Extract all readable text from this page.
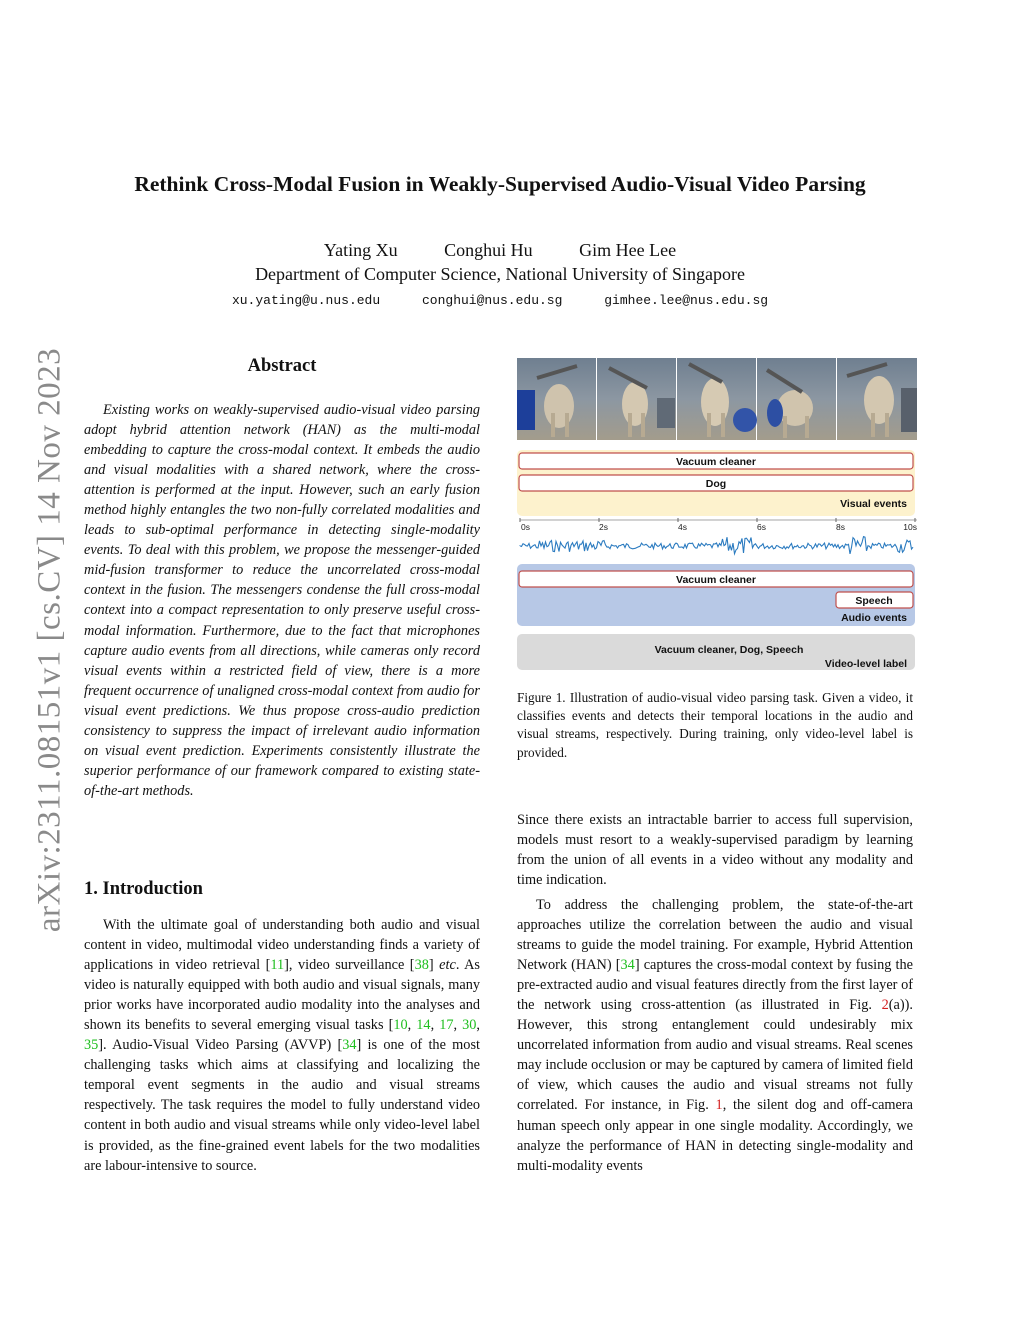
arXiv:2311.08151v1 [cs.CV] 14 Nov 2023
Rethink Cross-Modal Fusion in Weakly-Supervised Audio-Visual Video Parsing
Yating Xu	Conghui Hu	Gim Hee Lee
Department of Computer Science, National University of Singapore
xu.yating@u.nus.edu	conghui@nus.edu.sg	gimhee.lee@nus.edu.sg
Abstract

Existing works on weakly-supervised audio-visual video parsing adopt hybrid attention network (HAN) as the multi-modal embedding to capture the cross-modal context. It embeds the audio and visual modalities with a shared network, where the cross-attention is performed at the input. However, such an early fusion method highly entangles the two non-fully correlated modalities and leads to sub-optimal performance in detecting single-modality events. To deal with this problem, we propose the messenger-guided mid-fusion transformer to reduce the uncorrelated cross-modal context in the fusion. The messengers condense the full cross-modal context into a compact representation to only preserve useful cross-modal information. Furthermore, due to the fact that microphones capture audio events from all directions, while cameras only record visual events within a restricted field of view, there is a more frequent occurrence of unaligned cross-modal context from audio for visual event predictions. We thus propose cross-audio prediction consistency to suppress the impact of irrelevant audio information on visual event prediction. Experiments consistently illustrate the superior performance of our framework compared to existing state-of-the-art methods.

1. Introduction

With the ultimate goal of understanding both audio and visual content in video, multimodal video understanding finds a variety of applications in video retrieval [11], video surveillance [38] etc. As video is naturally equipped with both audio and visual signals, many prior works have incorporated audio modality into the analyses and shown its benefits to several emerging visual tasks [10, 14, 17, 30, 35]. Audio-Visual Video Parsing (AVVP) [34] is one of the most challenging tasks which aims at classifying and localizing the temporal event segments in the audio and visual streams respectively. The task requires the model to fully understand video content in both audio and visual streams while only video-level label is provided, as the fine-grained event labels for the two modalities are labour-intensive to source.

Vacuum cleaner
Dog
Visual events
0s	2s	4s	6s	8s	10s
Vacuum cleaner
Speech
Audio events
Vacuum cleaner, Dog, Speech
Video-level label

Figure 1. Illustration of audio-visual video parsing task. Given a video, it classifies events and detects their temporal locations in the audio and visual streams, respectively. During training, only video-level label is provided.

Since there exists an intractable barrier to access full supervision, models must resort to a weakly-supervised paradigm by learning from the union of all events in a video without any modality and time indication.

To address the challenging problem, the state-of-the-art approaches utilize the correlation between the audio and visual streams to guide the model training. For example, Hybrid Attention Network (HAN) [34] captures the cross-modal context by fusing the pre-extracted audio and visual features directly from the first layer of the network using cross-attention (as illustrated in Fig. 2(a)). However, this strong entanglement could undesirably mix uncorrelated information from audio and visual streams. Real scenes may include occlusion or may be captured by camera of limited field of view, which causes the audio and visual streams not fully correlated. For instance, in Fig. 1, the silent dog and off-camera human speech only appear in one single modality. Accordingly, we analyze the performance of HAN in detecting single-modality and multi-modality events
